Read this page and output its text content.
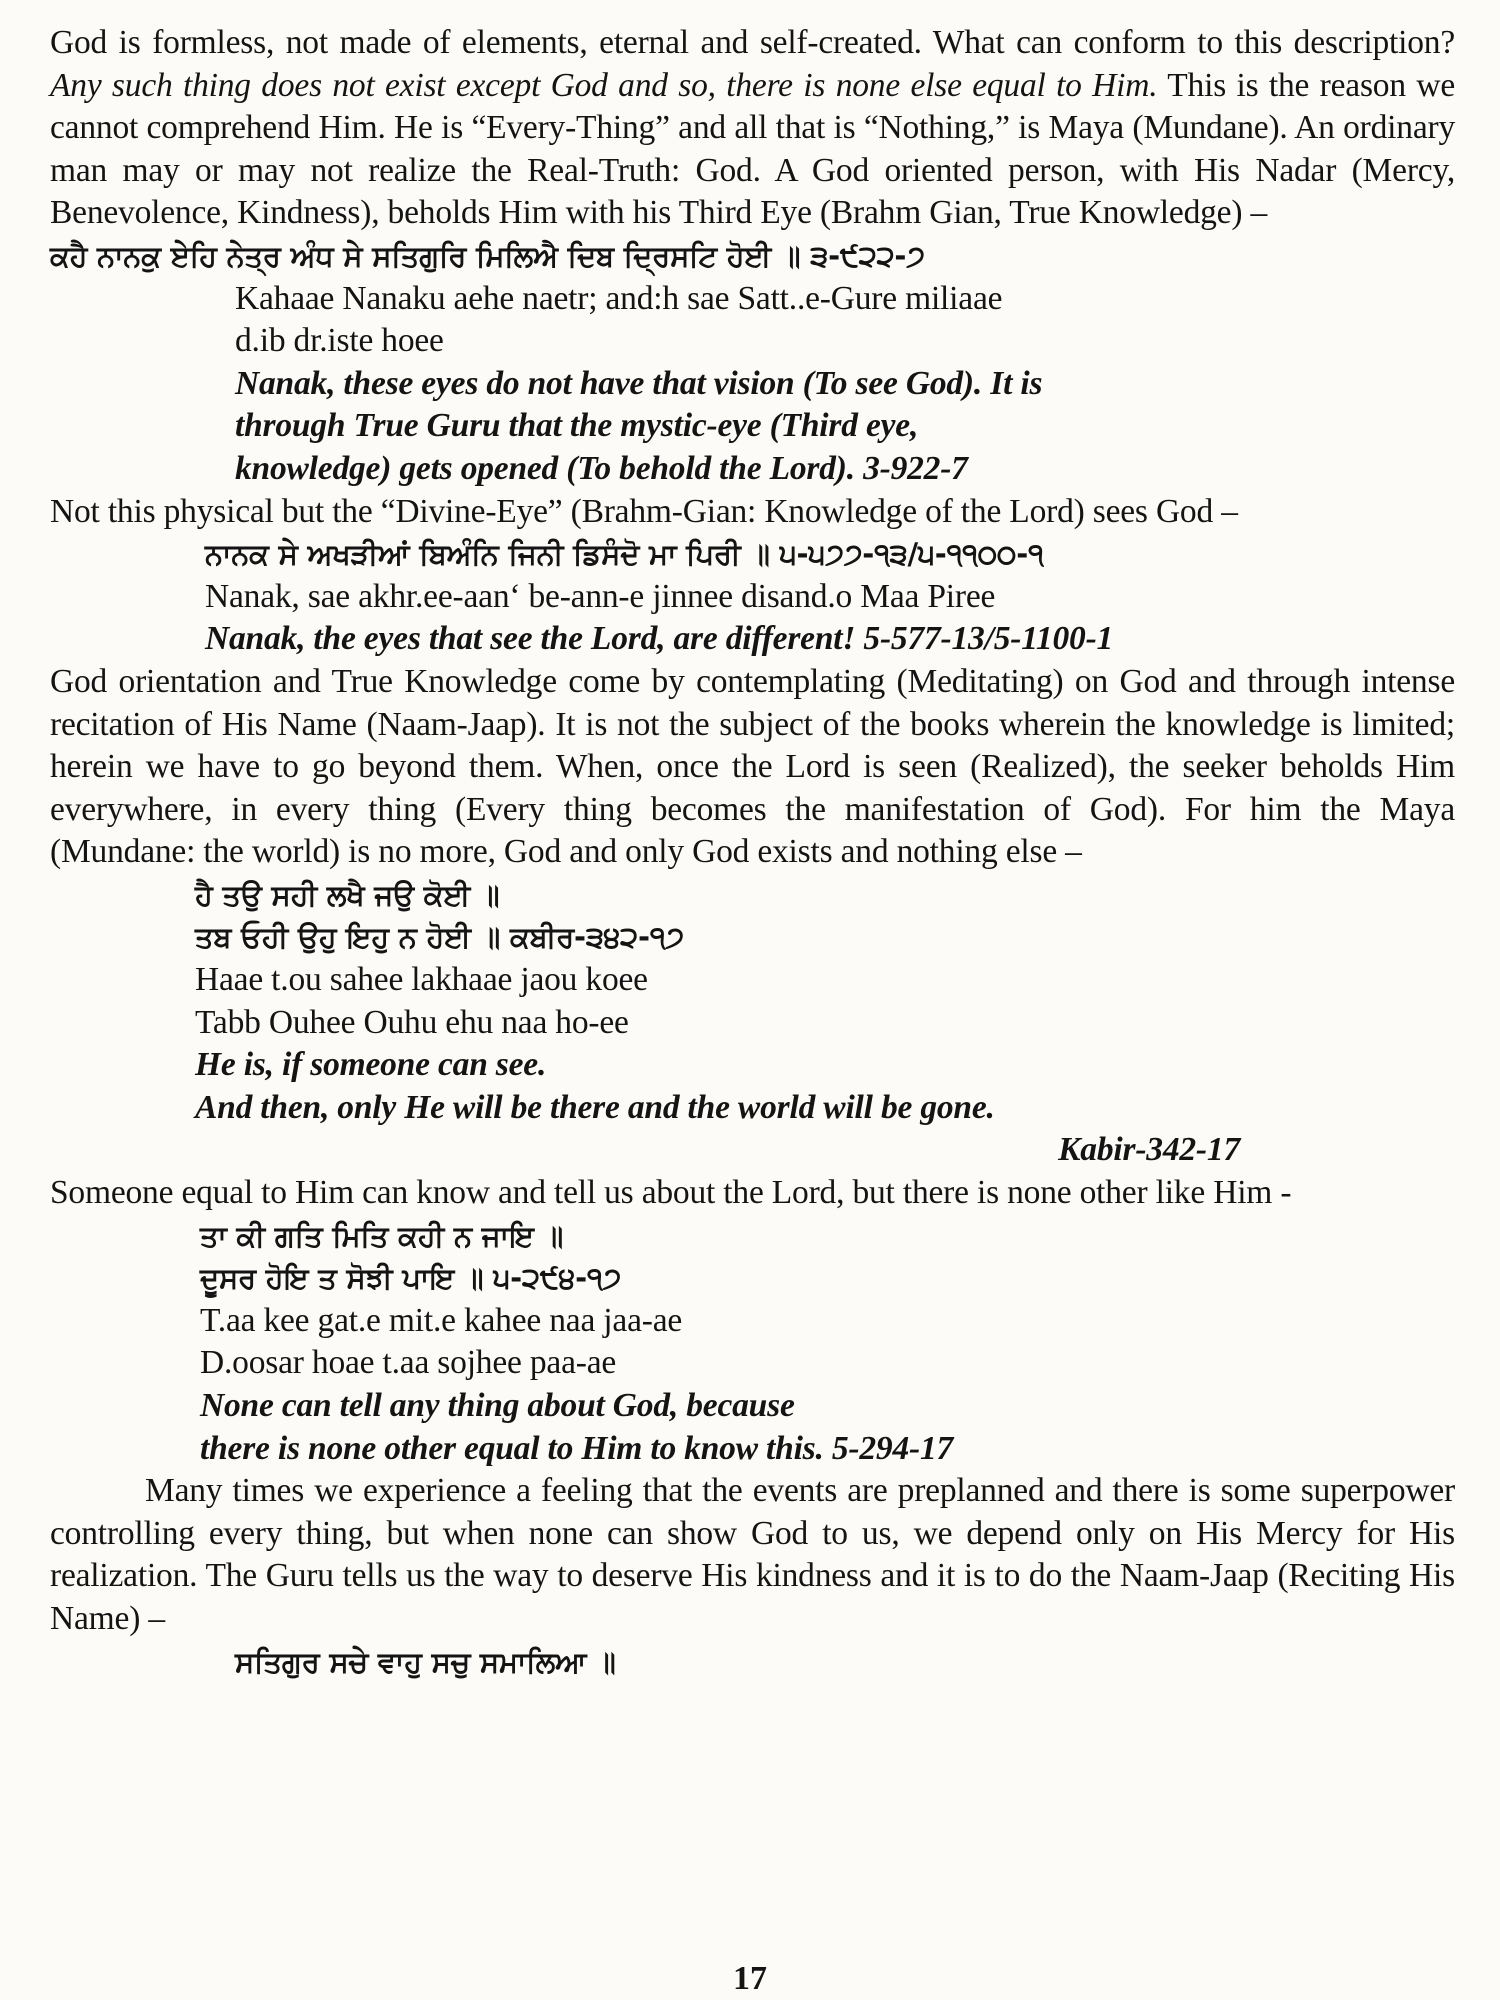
God is formless, not made of elements, eternal and self-created. What can conform to this description? Any such thing does not exist except God and so, there is none else equal to Him. This is the reason we cannot comprehend Him. He is “Every-Thing” and all that is “Nothing,” is Maya (Mundane). An ordinary man may or may not realize the Real-Truth: God. A God oriented person, with His Nadar (Mercy, Benevolence, Kindness), beholds Him with his Third Eye (Brahm Gian, True Knowledge) –

ਕਹੈ ਨਾਨਕੁ ਏਹਿ ਨੇਤ੍ਰ ਅੰਧ ਸੇ ਸਤਿਗੁਰਿ ਮਿਲਿਐ ਦਿਬ ਦ੍ਰਿਸਟਿ ਹੋਈ ॥ ੩-੯੨੨-੭

Kahaae Nanaku aehe naetr; and:h sae Satt..e-Gure miliaae

d.ib dr.iste hoee

Nanak, these eyes do not have that vision (To see God). It is

through True Guru that the mystic-eye (Third eye,

knowledge) gets opened (To behold the Lord). 3-922-7

Not this physical but the “Divine-Eye” (Brahm-Gian: Knowledge of the Lord) sees God –

ਨਾਨਕ ਸੇ ਅਖੜੀਆਂ ਬਿਅੰਨਿ ਜਿਨੀ ਡਿਸੰਦੋ ਮਾ ਪਿਰੀ ॥ ੫-੫੭੭-੧੩/੫-੧੧੦੦-੧

Nanak, sae akhr.ee-aan‘ be-ann-e jinnee disand.o Maa Piree

Nanak, the eyes that see the Lord, are different! 5-577-13/5-1100-1

God orientation and True Knowledge come by contemplating (Meditating) on God and through intense recitation of His Name (Naam-Jaap). It is not the subject of the books wherein the knowledge is limited; herein we have to go beyond them. When, once the Lord is seen (Realized), the seeker beholds Him everywhere, in every thing (Every thing becomes the manifestation of God). For him the Maya (Mundane: the world) is no more, God and only God exists and nothing else –

ਹੈ ਤਉ ਸਹੀ ਲਖੈ ਜਉ ਕੋਈ ॥

ਤਬ ਓਹੀ ਉਹੁ ਇਹੁ ਨ ਹੋਈ ॥ ਕਬੀਰ-੩੪੨-੧੭

Haae t.ou sahee lakhaae jaou koee

Tabb Ouhee Ouhu ehu naa ho-ee

He is, if someone can see.

And then, only He will be there and the world will be gone.

Kabir-342-17

Someone equal to Him can know and tell us about the Lord, but there is none other like Him -

ਤਾ ਕੀ ਗਤਿ ਮਿਤਿ ਕਹੀ ਨ ਜਾਇ ॥

ਦੂਸਰ ਹੋਇ ਤ ਸੋਝੀ ਪਾਇ ॥ ੫-੨੯੪-੧੭

T.aa kee gat.e mit.e kahee naa jaa-ae

D.oosar hoae t.aa sojhee paa-ae

None can tell any thing about God, because

there is none other equal to Him to know this. 5-294-17

Many times we experience a feeling that the events are preplanned and there is some superpower controlling every thing, but when none can show God to us, we depend only on His Mercy for His realization. The Guru tells us the way to deserve His kindness and it is to do the Naam-Jaap (Reciting His Name) –

ਸਤਿਗੁਰ ਸਚੇ ਵਾਹੁ ਸਚੁ ਸਮਾਲਿਆ ॥

17
